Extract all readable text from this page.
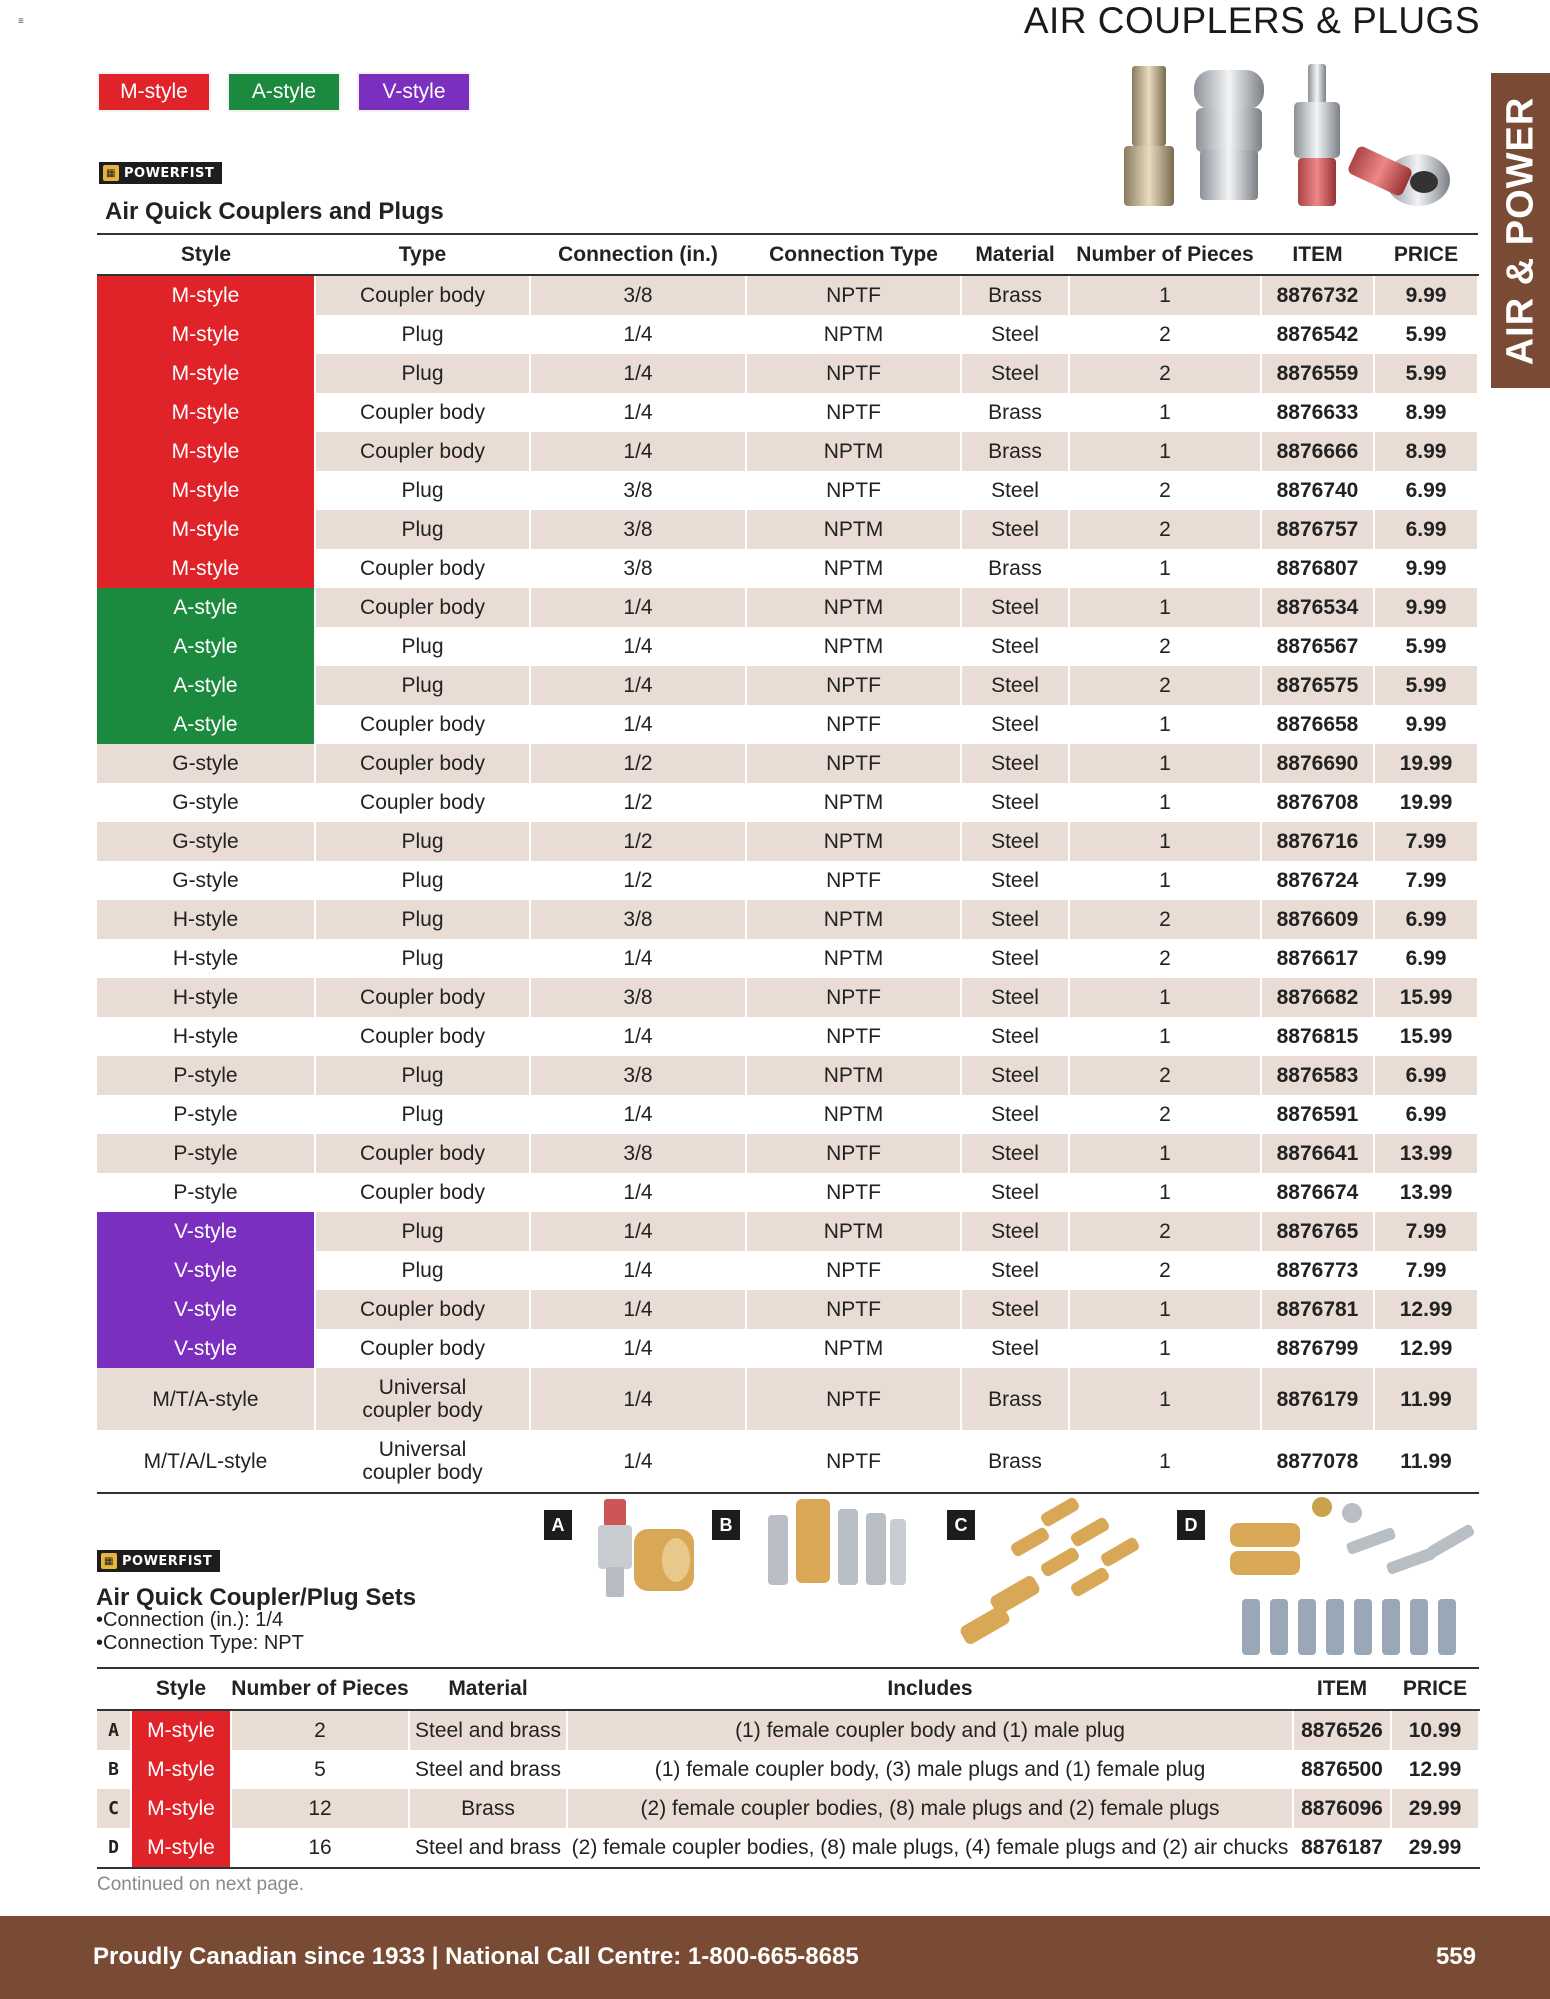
≡	AIR COUPLERS & PLUGS
AIR & POWER
M-style	A-style	V-style
▦ POWERFIST
Air Quick Couplers and Plugs
Style	Type	Connection (in.)	Connection Type	Material	Number of Pieces	ITEM	PRICE
M-style	Coupler body	3/8	NPTF	Brass	1	8876732	9.99
M-style	Plug	1/4	NPTM	Steel	2	8876542	5.99
M-style	Plug	1/4	NPTF	Steel	2	8876559	5.99
M-style	Coupler body	1/4	NPTF	Brass	1	8876633	8.99
M-style	Coupler body	1/4	NPTM	Brass	1	8876666	8.99
M-style	Plug	3/8	NPTF	Steel	2	8876740	6.99
M-style	Plug	3/8	NPTM	Steel	2	8876757	6.99
M-style	Coupler body	3/8	NPTM	Brass	1	8876807	9.99
A-style	Coupler body	1/4	NPTM	Steel	1	8876534	9.99
A-style	Plug	1/4	NPTM	Steel	2	8876567	5.99
A-style	Plug	1/4	NPTF	Steel	2	8876575	5.99
A-style	Coupler body	1/4	NPTF	Steel	1	8876658	9.99
G-style	Coupler body	1/2	NPTF	Steel	1	8876690	19.99
G-style	Coupler body	1/2	NPTM	Steel	1	8876708	19.99
G-style	Plug	1/2	NPTM	Steel	1	8876716	7.99
G-style	Plug	1/2	NPTF	Steel	1	8876724	7.99
H-style	Plug	3/8	NPTM	Steel	2	8876609	6.99
H-style	Plug	1/4	NPTM	Steel	2	8876617	6.99
H-style	Coupler body	3/8	NPTF	Steel	1	8876682	15.99
H-style	Coupler body	1/4	NPTF	Steel	1	8876815	15.99
P-style	Plug	3/8	NPTM	Steel	2	8876583	6.99
P-style	Plug	1/4	NPTM	Steel	2	8876591	6.99
P-style	Coupler body	3/8	NPTF	Steel	1	8876641	13.99
P-style	Coupler body	1/4	NPTF	Steel	1	8876674	13.99
V-style	Plug	1/4	NPTM	Steel	2	8876765	7.99
V-style	Plug	1/4	NPTF	Steel	2	8876773	7.99
V-style	Coupler body	1/4	NPTF	Steel	1	8876781	12.99
V-style	Coupler body	1/4	NPTM	Steel	1	8876799	12.99
M/T/A-style	Universal coupler body	1/4	NPTF	Brass	1	8876179	11.99
M/T/A/L-style	Universal coupler body	1/4	NPTF	Brass	1	8877078	11.99
A	B	C	D
▦ POWERFIST
Air Quick Coupler/Plug Sets
•Connection (in.): 1/4
•Connection Type: NPT
	Style	Number of Pieces	Material	Includes	ITEM	PRICE
A	M-style	2	Steel and brass	(1) female coupler body and (1) male plug	8876526	10.99
B	M-style	5	Steel and brass	(1) female coupler body, (3) male plugs and (1) female plug	8876500	12.99
C	M-style	12	Brass	(2) female coupler bodies, (8) male plugs and (2) female plugs	8876096	29.99
D	M-style	16	Steel and brass	(2) female coupler bodies, (8) male plugs, (4) female plugs and (2) air chucks	8876187	29.99
Continued on next page.
Proudly Canadian since 1933 | National Call Centre: 1-800-665-8685	559
